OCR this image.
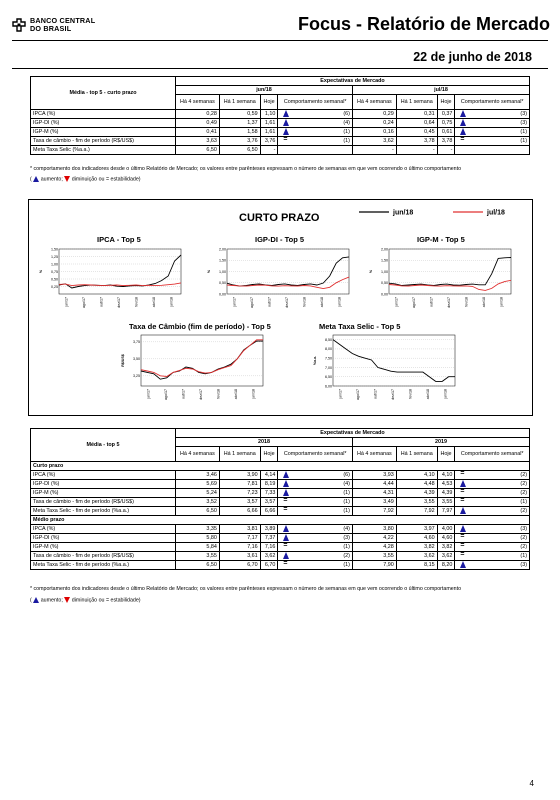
BANCO CENTRAL
DO BRASIL	Focus - Relatório de Mercado
22 de junho de 2018
Média - top 5 - curto prazo	Expectativas de Mercado							
	jun/18				jul/18			
	Há 4 semanas	Há 1 semana	Hoje	Comportamento semanal*	Há 4 semanas	Há 1 semana	Hoje	Comportamento semanal*
IPCA (%)	0,28	0,59	1,10	(6)	0,29	0,31	0,37	(3)
IGP-DI (%)	0,49	1,37	1,61	(4)	0,24	0,64	0,75	(3)
IGP-M (%)	0,41	1,58	1,61	(1)	0,16	0,45	0,61	(1)
Taxa de câmbio - fim de período (R$/US$)	3,63	3,76	3,76	= (1)	3,62	3,78	3,78	= (1)
Meta Taxa Selic (%a.a.)	6,50	6,50	-		-	-	-	
* comportamento dos indicadores desde o último Relatório de Mercado; os valores entre parênteses expressam o número de semanas em que vem ocorrendo o último comportamento
( aumento; diminuição ou = estabilidade)
jun/18	jul/18
CURTO PRAZO
IPCA - Top 5	IGP-DI - Top 5	IGP-M - Top 5
Taxa de Câmbio (fim de período) - Top 5	Meta Taxa Selic - Top 5
1,50
1,25
1,00
0,75
0,50
0,25
%
jun/17	ago/17	out/17	dez/17	fev/18	abr/18	jun/18
2,00
1,50
1,00
0,50
0,00
%
jun/17	ago/17	out/17	dez/17	fev/18	abr/18	jun/18
2,00
1,50
1,00
0,50
0,00
%
jun/17	ago/17	out/17	dez/17	fev/18	abr/18	jun/18
3,75
3,50
3,25
R$/US$
jun/17	ago/17	out/17	dez/17	fev/18	abr/18	jun/18
8,50
8,00
7,50
7,00
6,50
6,00
%a.a.
jun/17	ago/17	out/17	dez/17	fev/18	abr/18	jun/18
Média - top 5	Expectativas de Mercado							
	2018				2019			
	Há 4 semanas	Há 1 semana	Hoje	Comportamento semanal*	Há 4 semanas	Há 1 semana	Hoje	Comportamento semanal*
Curto prazo								
IPCA (%)	3,46	3,90	4,14	(6)	3,93	4,10	4,10	= (2)
IGP-DI (%)	5,69	7,81	8,19	(4)	4,44	4,48	4,53	(2)
IGP-M (%)	5,24	7,23	7,33	(1)	4,31	4,39	4,39	= (2)
Taxa de câmbio - fim de período (R$/US$)	3,52	3,57	3,57	= (1)	3,49	3,55	3,55	= (1)
Meta Taxa Selic - fim de período (%a.a.)	6,50	6,66	6,66	= (1)	7,92	7,92	7,97	(2)
Médio prazo								
IPCA (%)	3,35	3,81	3,89	(4)	3,80	3,97	4,00	(3)
IGP-DI (%)	5,80	7,17	7,37	(3)	4,22	4,60	4,60	= (2)
IGP-M (%)	5,84	7,16	7,16	= (1)	4,28	3,82	3,82	= (2)
Taxa de câmbio - fim de período (R$/US$)	3,55	3,61	3,62	(2)	3,55	3,62	3,62	= (1)
Meta Taxa Selic - fim de período (%a.a.)	6,50	6,70	6,70	= (1)	7,90	8,15	8,20	(3)
* comportamento dos indicadores desde o último Relatório de Mercado; os valores entre parênteses expressam o número de semanas em que vem ocorrendo o último comportamento
( aumento; diminuição ou = estabilidade)
4
